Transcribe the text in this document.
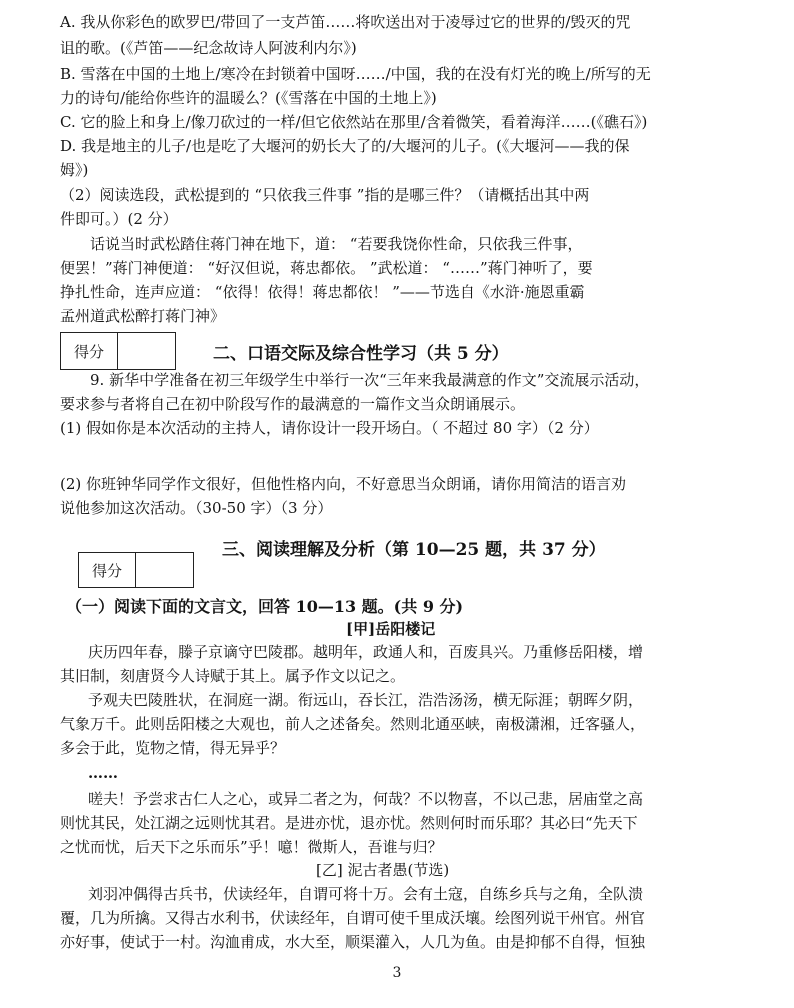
A. 我从你彩色的欧罗巴/带回了一支芦笛……将吹送出对于凌辱过它的世界的/毁灭的咒
诅的歌。(《芦笛——纪念故诗人阿波利内尔》)
B. 雪落在中国的土地上/寒冷在封锁着中国呀……/中国，我的在没有灯光的晚上/所写的无
力的诗句/能给你些许的温暖么？(《雪落在中国的土地上》)
C. 它的脸上和身上/像刀砍过的一样/但它依然站在那里/含着微笑，看着海洋……(《礁石》)
D. 我是地主的儿子/也是吃了大堰河的奶长大了的/大堰河的儿子。(《大堰河——我的保
姆》)
（2）阅读选段，武松提到的 “只依我三件事 ”指的是哪三件？（请概括出其中两
件即可。）(2 分）
话说当时武松踏住蒋门神在地下，道： “若要我饶你性命，只依我三件事，
便罢！”蒋门神便道： “好汉但说，蒋忠都依。 ”武松道： “……”蒋门神听了，要
挣扎性命，连声应道： “依得！依得！蒋忠都依！ ”——节选自《水浒·施恩重霸
孟州道武松醉打蒋门神》
得分	二、口语交际及综合性学习（共 5 分）
9. 新华中学准备在初三年级学生中举行一次“三年来我最满意的作文”交流展示活动，
要求参与者将自己在初中阶段写作的最满意的一篇作文当众朗诵展示。
(1) 假如你是本次活动的主持人，请你设计一段开场白。（ 不超过 80 字）（2 分）
(2) 你班钟华同学作文很好，但他性格内向，不好意思当众朗诵，请你用简洁的语言劝
说他参加这次活动。（30-50 字）（3 分）
三、阅读理解及分析（第 10—25 题，共 37 分）
得分
（一）阅读下面的文言文，回答 10—13 题。(共 9 分)
[甲]岳阳楼记
庆历四年春，滕子京谪守巴陵郡。越明年，政通人和，百废具兴。乃重修岳阳楼，增
其旧制，刻唐贤今人诗赋于其上。属予作文以记之。
予观夫巴陵胜状，在洞庭一湖。衔远山，吞长江，浩浩汤汤，横无际涯；朝晖夕阴，
气象万千。此则岳阳楼之大观也，前人之述备矣。然则北通巫峡，南极潇湘，迁客骚人，
多会于此，览物之情，得无异乎？
……
嗟夫！予尝求古仁人之心，或异二者之为，何哉？不以物喜，不以己悲，居庙堂之高
则忧其民，处江湖之远则忧其君。是进亦忧，退亦忧。然则何时而乐耶？其必曰“先天下
之忧而忧，后天下之乐而乐”乎！噫！微斯人，吾谁与归？
[乙] 泥古者愚(节选)
刘羽冲偶得古兵书，伏读经年，自谓可将十万。会有土寇，自练乡兵与之角，全队溃
覆，几为所擒。又得古水利书，伏读经年，自谓可使千里成沃壤。绘图列说干州官。州官
亦好事，使试于一村。沟洫甫成，水大至，顺渠灌入，人几为鱼。由是抑郁不自得，恒独
3
